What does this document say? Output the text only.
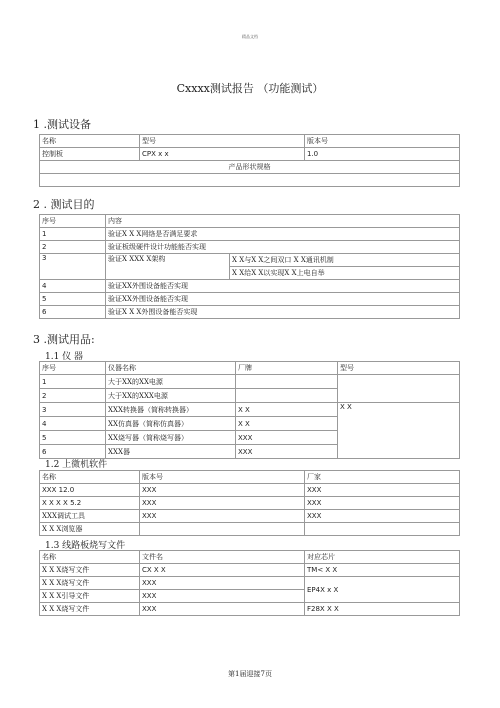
精品文档
Cxxxx测试报告 （功能测试）
1 .测试设备
名称	型号	版本号
控制板	CPX x x	1.0
产品形状规格		

2 . 测试目的
序号	内容	
1	验证X X X网络是否满足要求	
2	验证板级硬件设计功能能否实现	
3	验证X XXX X架构	X X与X X之间双口 X X通讯机制
		X X给X X以实现X X上电自举
4	验证XX外围设备能否实现	
5	验证XX外围设备能否实现	
6	验证X X X外围设备能否实现	
3 .测试用品:
1.1 仪 器
序号	仪器名称	厂牌	型号
1	大于XX的XX电源		
2	大于XX的XXX电源		
3	XXX转换器（简称转换器）	X X	X X
4	XX仿真器（简称仿真器）	X X	
5	XX烧写器（简称烧写器）	XXX	
6	XXX器	XXX	
1.2 上微机软件
名称	版本号	厂家
XXX 12.0	XXX	XXX
X X X X 5.2	XXX	XXX
XXX调试工具	XXX	XXX
X X X浏览器		
1.3 线路板烧写文件
名称	文件名	对应芯片
X X X烧写文件	CX X X	TM< X X
X X X烧写文件	XXX	EP4X x X
X X X引导文件	XXX	
X X X烧写文件	XXX	F28X X X
第1届迎接7页
